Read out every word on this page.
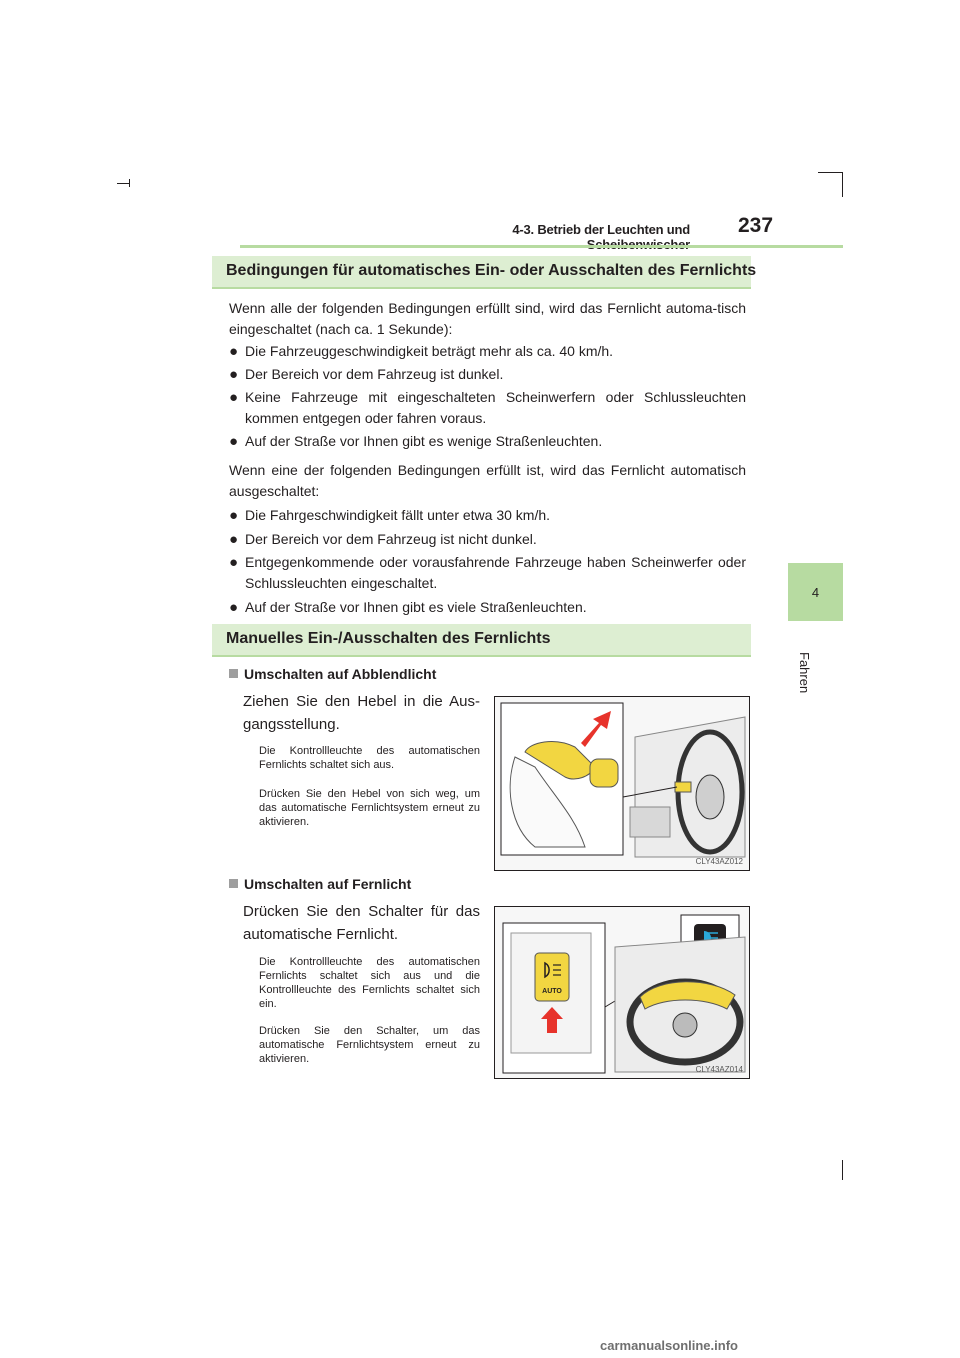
4-3. Betrieb der Leuchten und 237
4
Fahren
Bedingungen für automatisches Ein- oder Ausschalten des Fernlichts

Wenn alle der folgenden Bedingungen erfüllt sind, wird das Fernlicht automa-tisch eingeschaltet (nach ca. 1 Sekunde):

● Die Fahrzeuggeschwindigkeit beträgt mehr als ca. 40 km/h.
● Der Bereich vor dem Fahrzeug ist dunkel.
● Keine Fahrzeuge mit eingeschalteten Scheinwerfern oder Schlussleuchten kommen entgegen oder fahren voraus.
● Auf der Straße vor Ihnen gibt es wenige Straßenleuchten.

Wenn eine der folgenden Bedingungen erfüllt ist, wird das Fernlicht automatisch ausgeschaltet:

● Die Fahrgeschwindigkeit fällt unter etwa 30 km/h.
● Der Bereich vor dem Fahrzeug ist nicht dunkel.
● Entgegenkommende oder vorausfahrende Fahrzeuge haben Scheinwerfer oder Schlussleuchten eingeschaltet.
● Auf der Straße vor Ihnen gibt es viele Straßenleuchten.
Manuelles Ein-/Ausschalten des Fernlichts
Umschalten auf Abblendlicht

Ziehen Sie den Hebel in die Aus-gangsstellung.

Die Kontrollleuchte des automatischen Fernlichts schaltet sich aus.

Drücken Sie den Hebel von sich weg, um das automatische Fernlichtsystem erneut zu aktivieren.

CLY43AZ012
Umschalten auf Fernlicht

Drücken Sie den Schalter für das automatische Fernlicht.

Die Kontrollleuchte des automatischen Fernlichts schaltet sich aus und die Kontrollleuchte des Fernlichts schaltet sich ein.

Drücken Sie den Schalter, um das automatische Fernlichtsystem erneut zu aktivieren.

AUTO
CLY43AZ014
carmanualsonline.info
